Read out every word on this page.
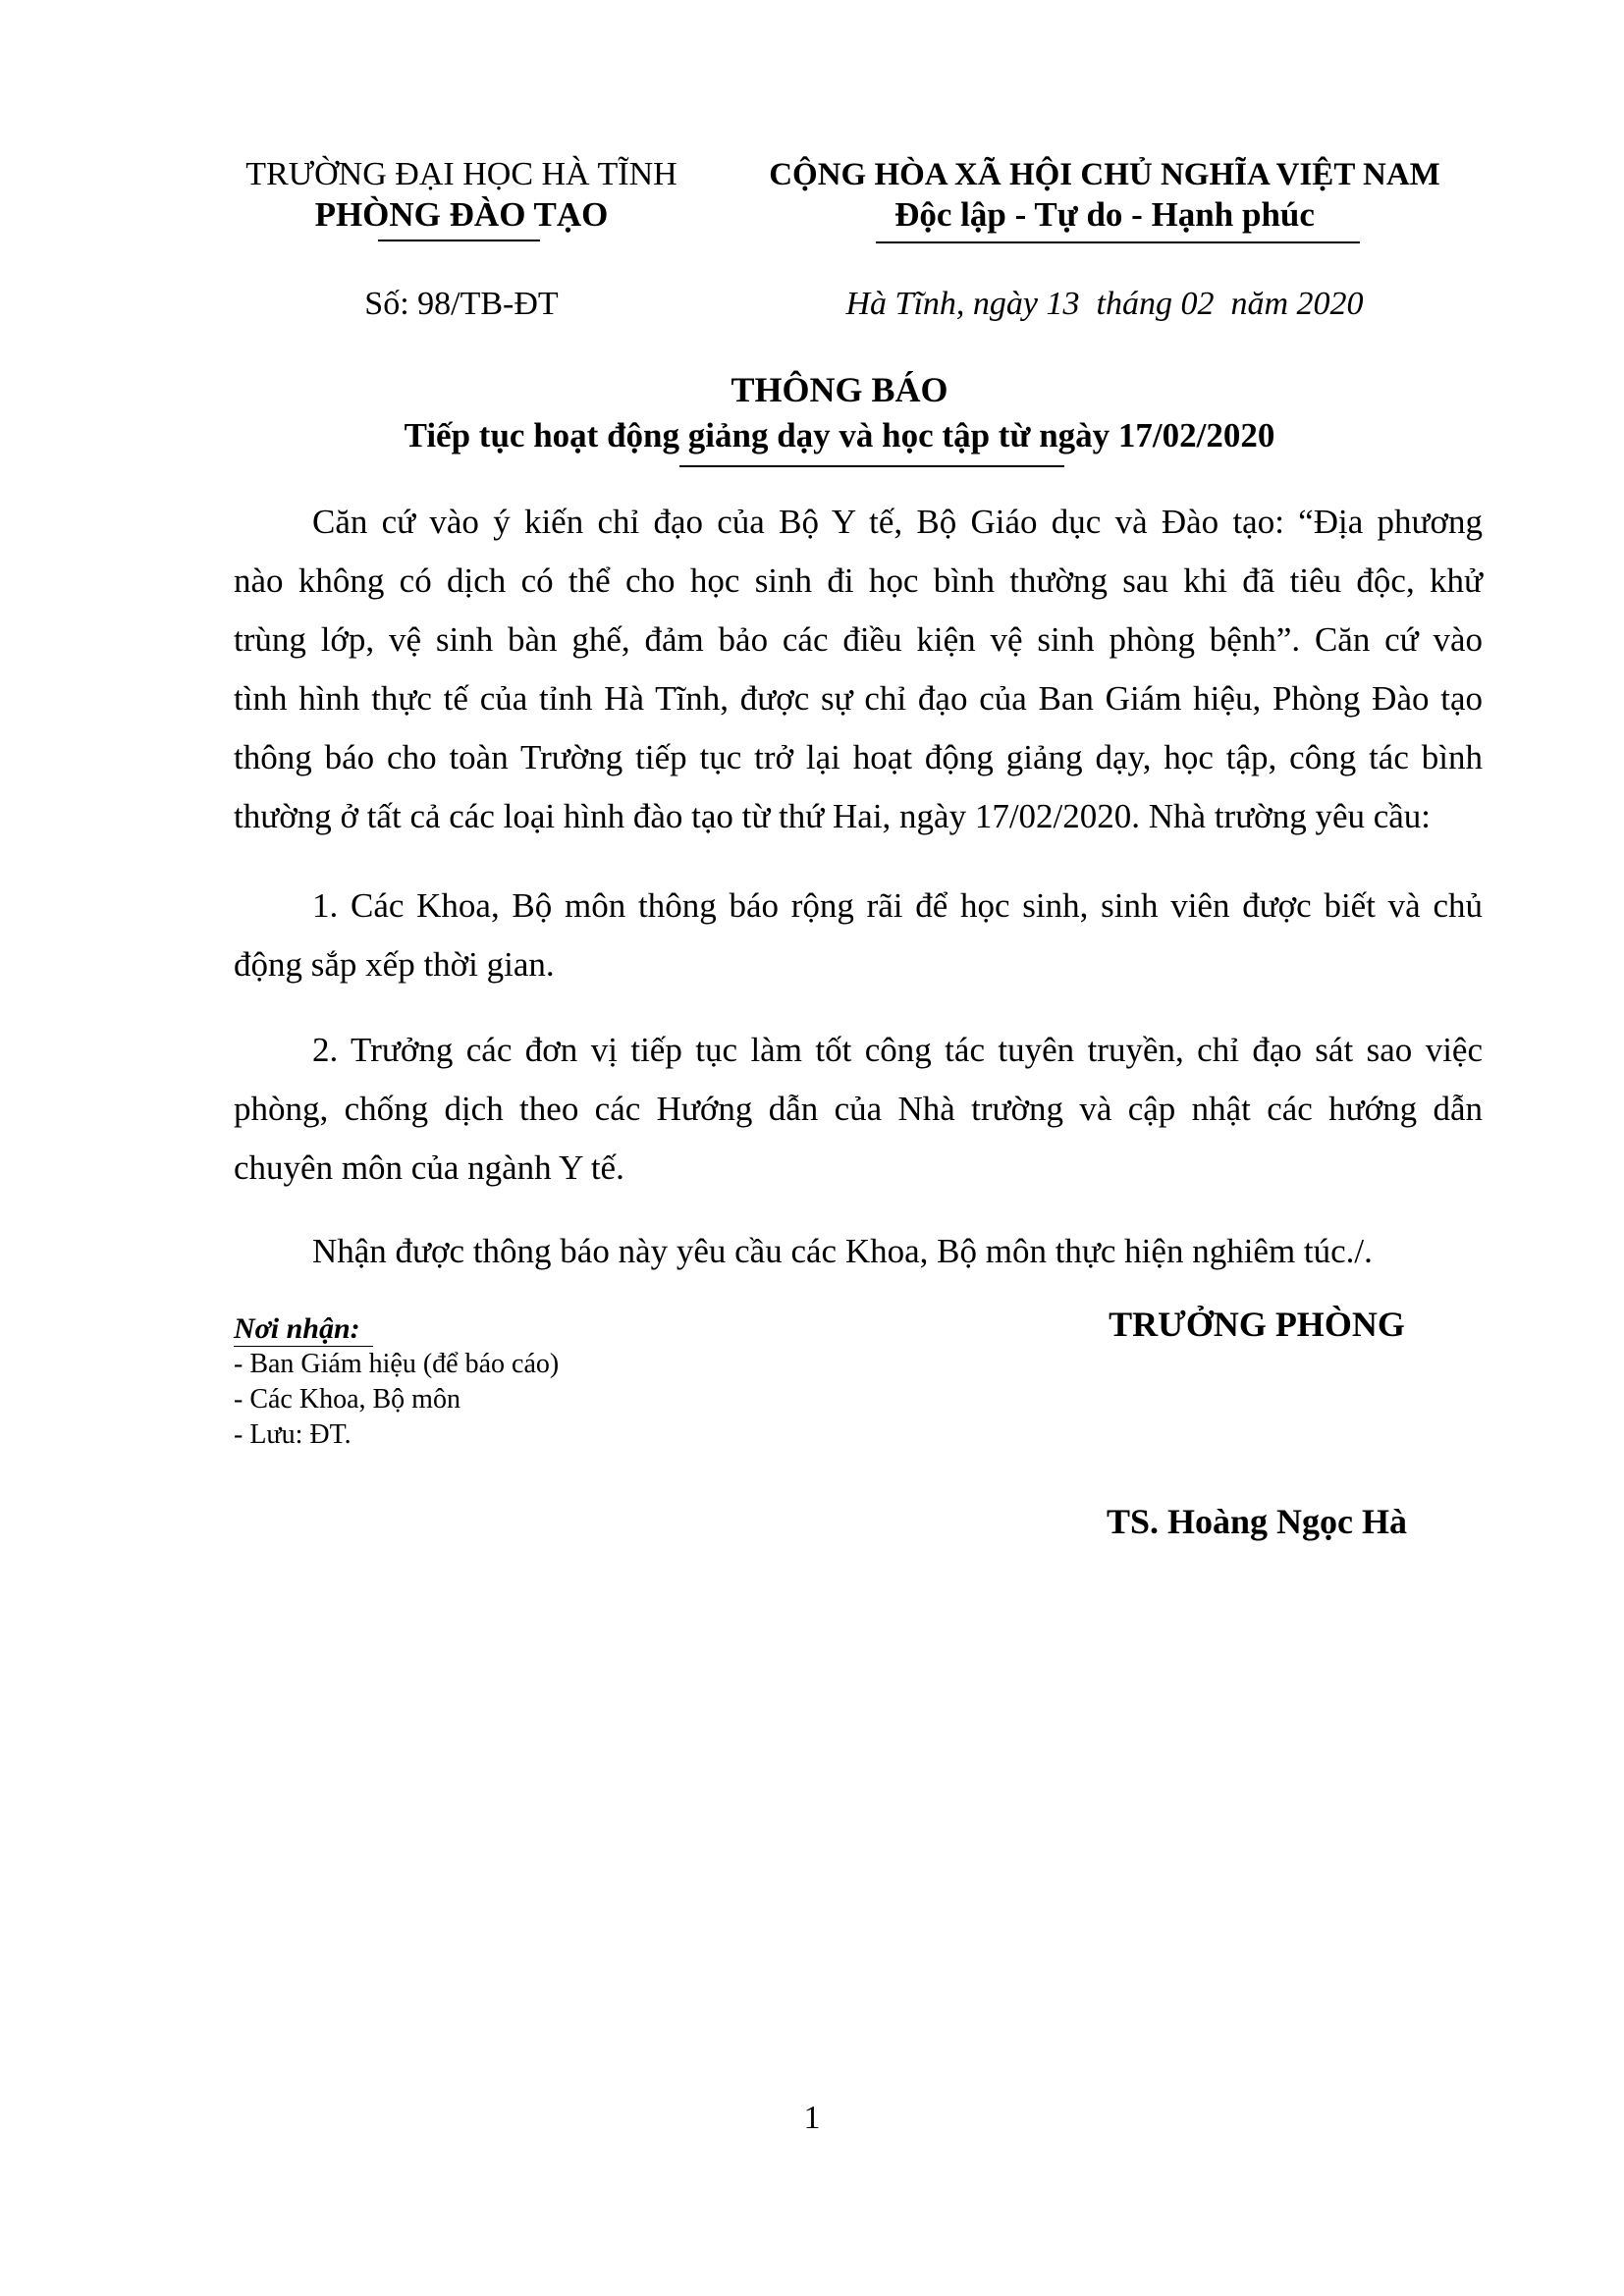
TRƯỜNG ĐẠI HỌC HÀ TĨNH
PHÒNG ĐÀO TẠO
Số: 98/TB-ĐT
CỘNG HÒA XÃ HỘI CHỦ NGHĨA VIỆT NAM
Độc lập - Tự do - Hạnh phúc
Hà Tĩnh, ngày 13  tháng 02  năm 2020
THÔNG BÁO
Tiếp tục hoạt động giảng dạy và học tập từ ngày 17/02/2020
Căn cứ vào ý kiến chỉ đạo của Bộ Y tế, Bộ Giáo dục và Đào tạo: “Địa phương
nào không có dịch có thể cho học sinh đi học bình thường sau khi đã tiêu độc, khử
trùng lớp, vệ sinh bàn ghế, đảm bảo các điều kiện vệ sinh phòng bệnh”. Căn cứ vào
tình hình thực tế của tỉnh Hà Tĩnh, được sự chỉ đạo của Ban Giám hiệu, Phòng Đào tạo
thông báo cho toàn Trường tiếp tục trở lại hoạt động giảng dạy, học tập, công tác bình
thường ở tất cả các loại hình đào tạo từ thứ Hai, ngày 17/02/2020. Nhà trường yêu cầu:
1. Các Khoa, Bộ môn thông báo rộng rãi để học sinh, sinh viên được biết và chủ
động sắp xếp thời gian.
2. Trưởng các đơn vị tiếp tục làm tốt công tác tuyên truyền, chỉ đạo sát sao việc
phòng, chống dịch theo các Hướng dẫn của Nhà trường và cập nhật các hướng dẫn
chuyên môn của ngành Y tế.
Nhận được thông báo này yêu cầu các Khoa, Bộ môn thực hiện nghiêm túc./.
Nơi nhận:
- Ban Giám hiệu (để báo cáo)
- Các Khoa, Bộ môn
- Lưu: ĐT.
TRƯỞNG PHÒNG
TS. Hoàng Ngọc Hà
1
